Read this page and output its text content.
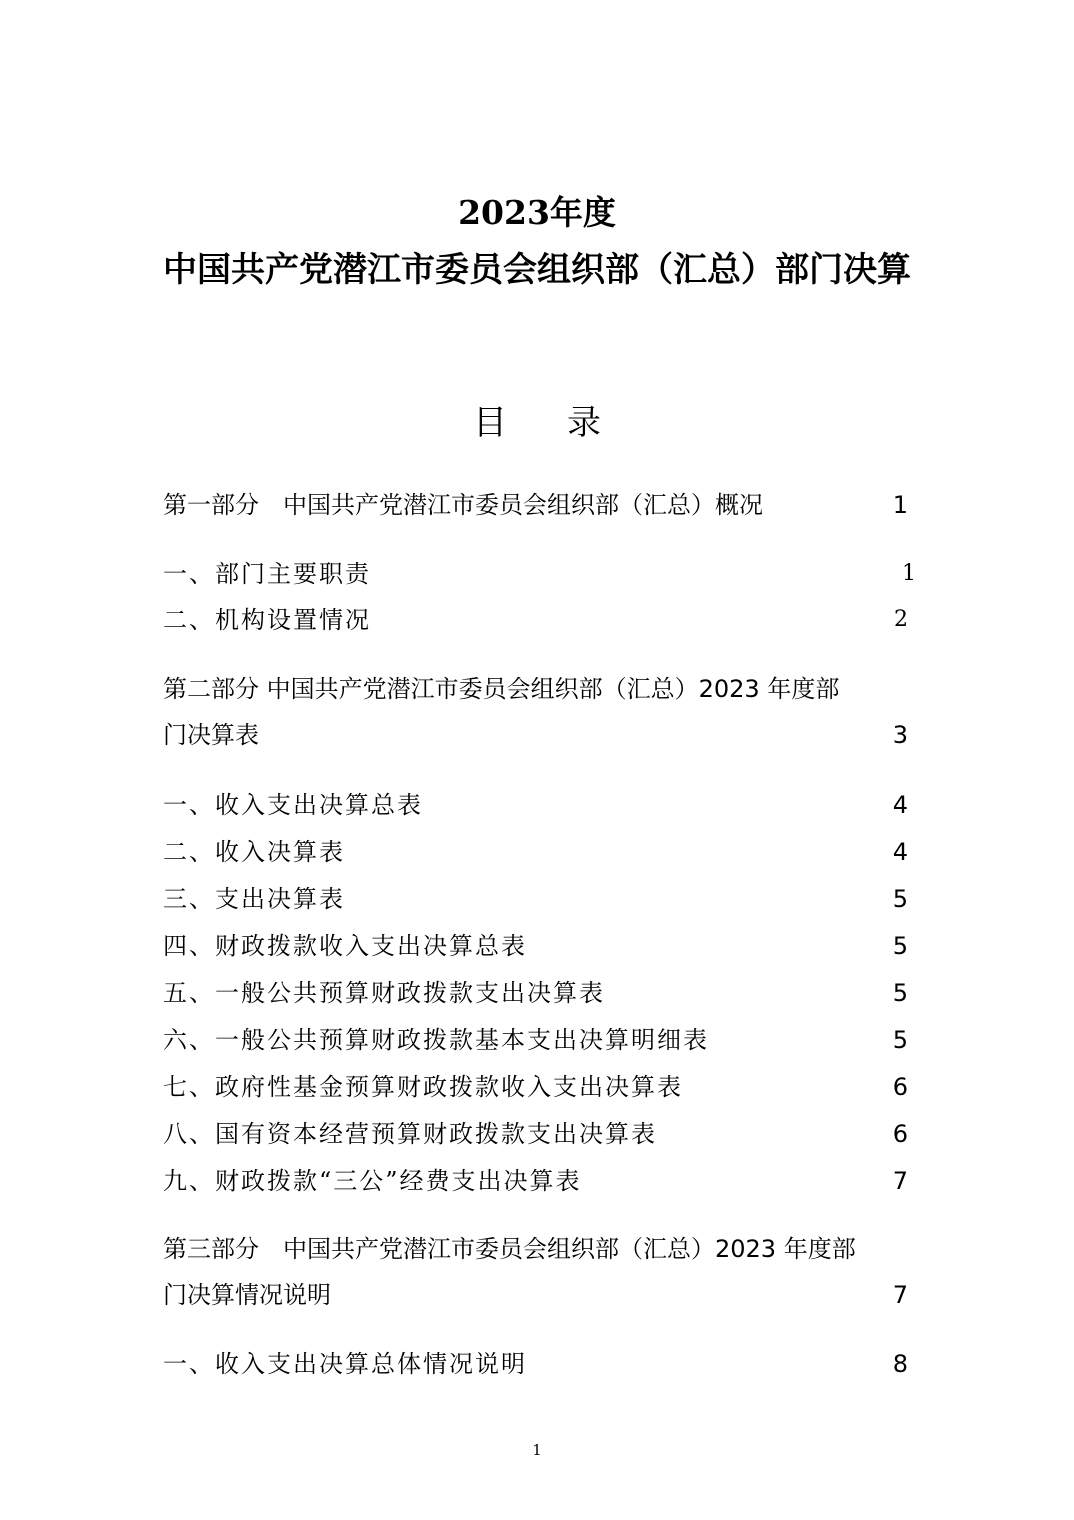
2023年度
中国共产党潜江市委员会组织部（汇总）部门决算
目录
第一部分　中国共产党潜江市委员会组织部（汇总）概况	1
一、部门主要职责	1
二、机构设置情况	2
第二部分 中国共产党潜江市委员会组织部（汇总）2023 年度部
门决算表	3
一、收入支出决算总表	4
二、收入决算表	4
三、支出决算表	5
四、财政拨款收入支出决算总表	5
五、一般公共预算财政拨款支出决算表	5
六、一般公共预算财政拨款基本支出决算明细表	5
七、政府性基金预算财政拨款收入支出决算表	6
八、国有资本经营预算财政拨款支出决算表	6
九、财政拨款“三公”经费支出决算表	7
第三部分　中国共产党潜江市委员会组织部（汇总）2023 年度部
门决算情况说明	7
一、收入支出决算总体情况说明	8
1
